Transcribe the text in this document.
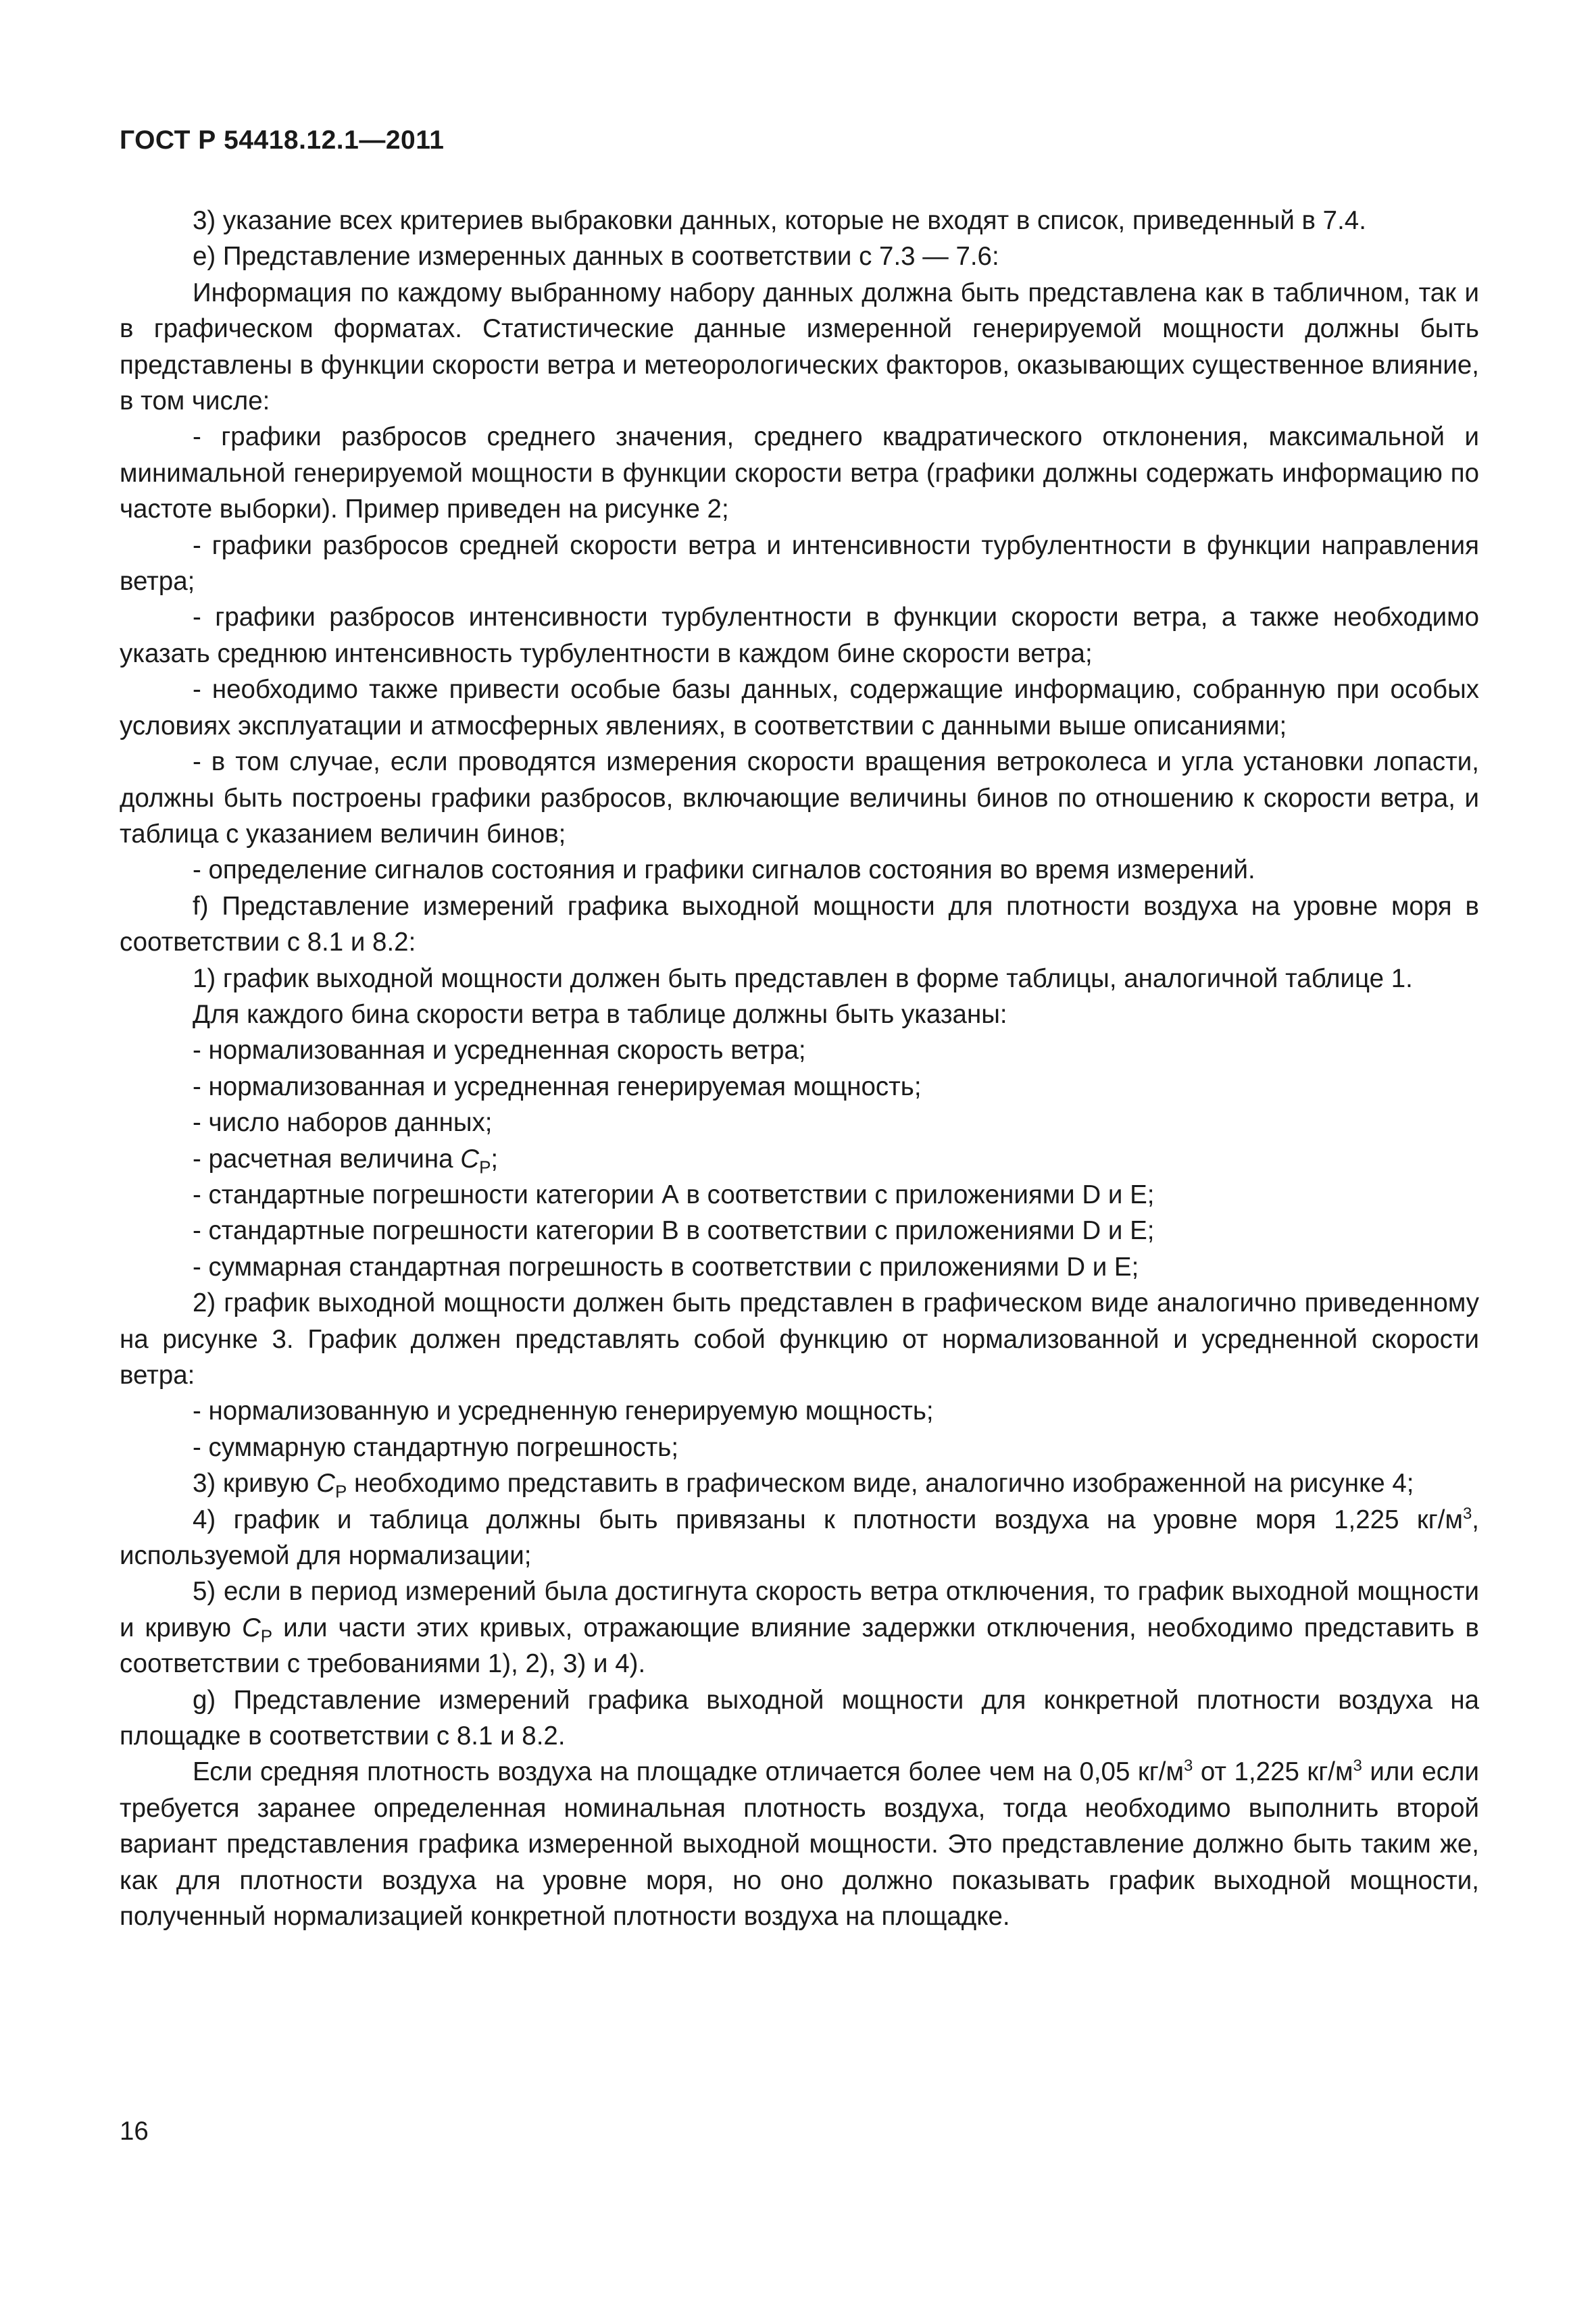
ГОСТ Р 54418.12.1—2011

3) указание всех критериев выбраковки данных, которые не входят в список, приведенный в 7.4.

e) Представление измеренных данных в соответствии с 7.3 — 7.6:

Информация по каждому выбранному набору данных должна быть представлена как в табличном, так и в графическом форматах. Статистические данные измеренной генерируемой мощности должны быть представлены в функции скорости ветра и метеорологических факторов, оказывающих существенное влияние, в том числе:

- графики разбросов среднего значения, среднего квадратического отклонения, максимальной и минимальной генерируемой мощности в функции скорости ветра (графики должны содержать информацию по частоте выборки). Пример приведен на рисунке 2;

- графики разбросов средней скорости ветра и интенсивности турбулентности в функции направления ветра;

- графики разбросов интенсивности турбулентности в функции скорости ветра, а также необходимо указать среднюю интенсивность турбулентности в каждом бине скорости ветра;

- необходимо также привести особые базы данных, содержащие информацию, собранную при особых условиях эксплуатации и атмосферных явлениях, в соответствии с данными выше описаниями;

- в том случае, если проводятся измерения скорости вращения ветроколеса и угла установки лопасти, должны быть построены графики разбросов, включающие величины бинов по отношению к скорости ветра, и таблица с указанием величин бинов;

- определение сигналов состояния и графики сигналов состояния во время измерений.

f) Представление измерений графика выходной мощности для плотности воздуха на уровне моря в соответствии с 8.1 и 8.2:

1) график выходной мощности должен быть представлен в форме таблицы, аналогичной таблице 1.

Для каждого бина скорости ветра в таблице должны быть указаны:

- нормализованная и усредненная скорость ветра;

- нормализованная и усредненная генерируемая мощность;

- число наборов данных;

- расчетная величина $C_P$;

- стандартные погрешности категории А в соответствии с приложениями D и E;

- стандартные погрешности категории B в соответствии с приложениями D и E;

- суммарная стандартная погрешность в соответствии с приложениями D и E;

2) график выходной мощности должен быть представлен в графическом виде аналогично приведенному на рисунке 3. График должен представлять собой функцию от нормализованной и усредненной скорости ветра:

- нормализованную и усредненную генерируемую мощность;

- суммарную стандартную погрешность;

3) кривую $C_P$ необходимо представить в графическом виде, аналогично изображенной на рисунке 4;

4) график и таблица должны быть привязаны к плотности воздуха на уровне моря 1,225 $кг/м^3$, используемой для нормализации;

5) если в период измерений была достигнута скорость ветра отключения, то график выходной мощности и кривую $C_P$ или части этих кривых, отражающие влияние задержки отключения, необходимо представить в соответствии с требованиями 1), 2), 3) и 4).

g) Представление измерений графика выходной мощности для конкретной плотности воздуха на площадке в соответствии с 8.1 и 8.2.

Если средняя плотность воздуха на площадке отличается более чем на 0,05 $кг/м^3$ от 1,225 $кг/м^3$ или если требуется заранее определенная номинальная плотность воздуха, тогда необходимо выполнить второй вариант представления графика измеренной выходной мощности. Это представление должно быть таким же, как для плотности воздуха на уровне моря, но оно должно показывать график выходной мощности, полученный нормализацией конкретной плотности воздуха на площадке.

16
